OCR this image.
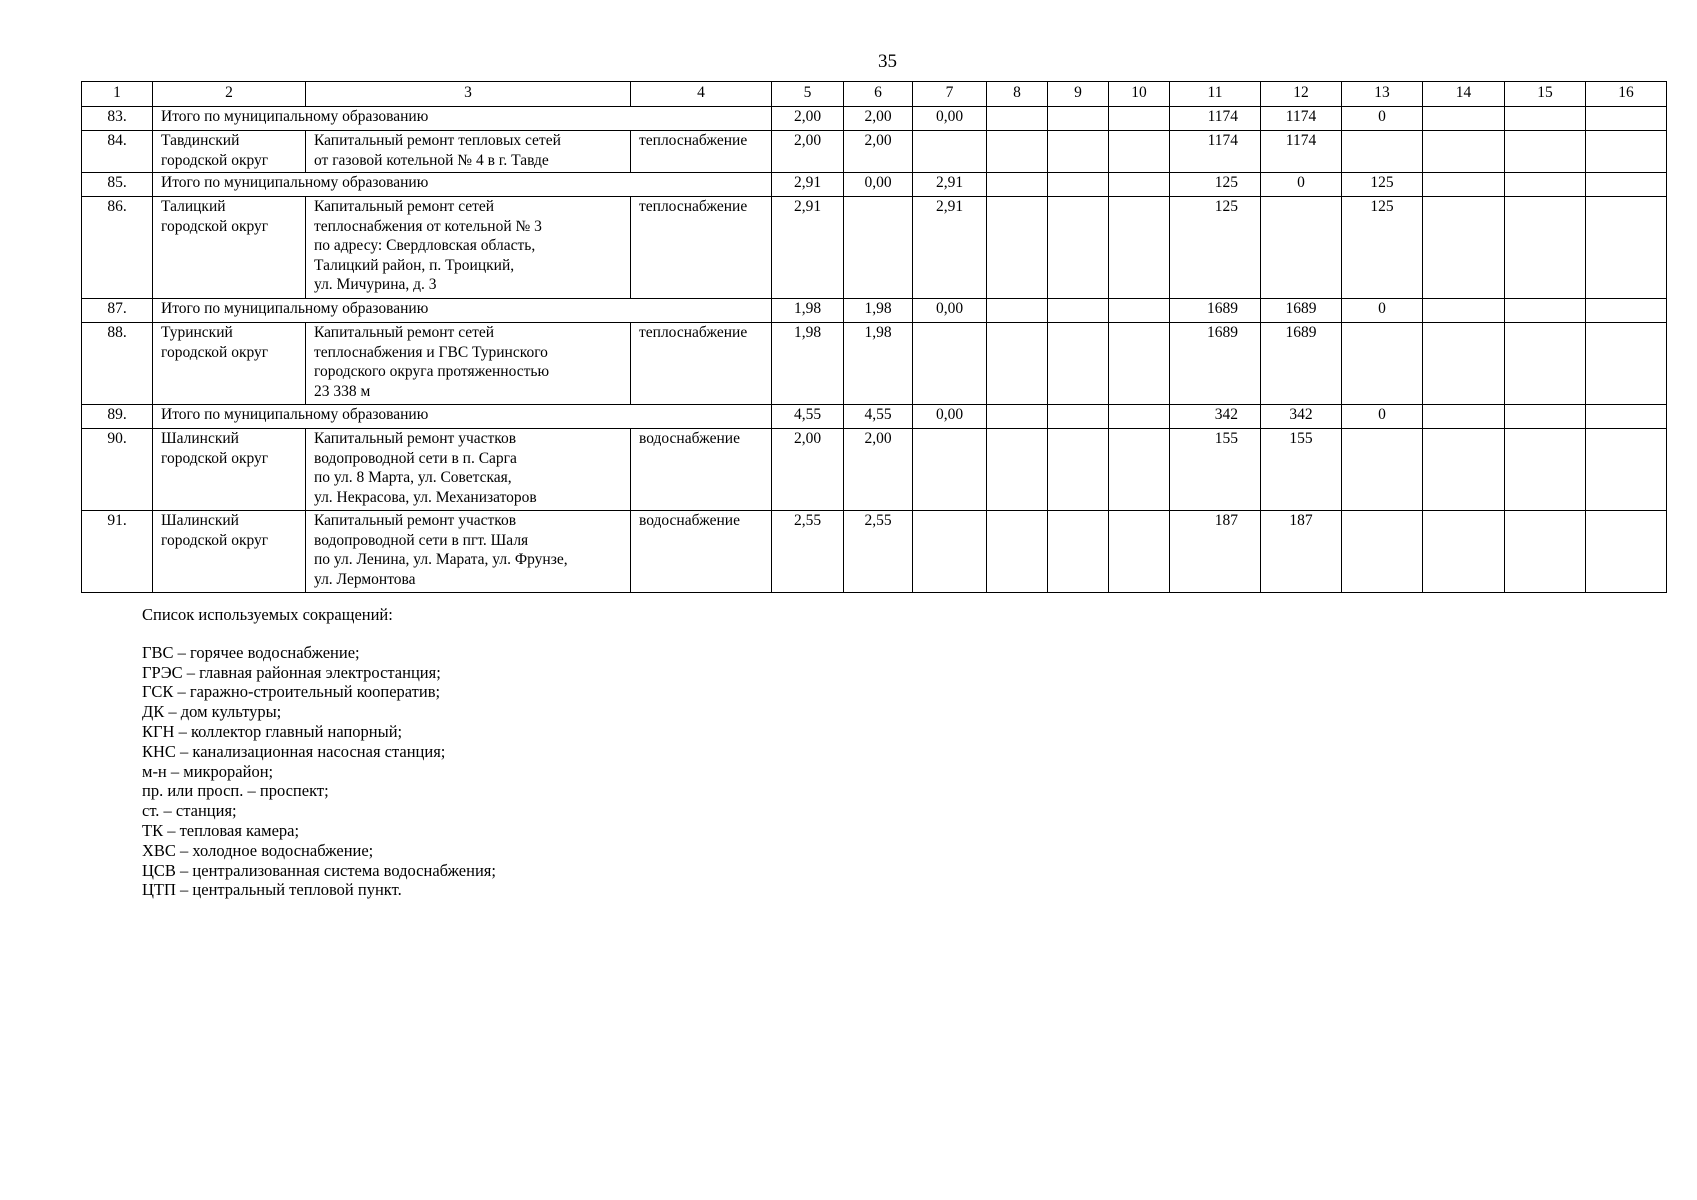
35
1	2	3	4	5	6	7	8	9	10	11	12	13	14	15	16
83.	Итого по муниципальному образованию			2,00	2,00	0,00				1174	1174	0			
84.	Тавдинский
городской округ	Капитальный ремонт тепловых сетей
от газовой котельной № 4 в г. Тавде	теплоснабжение	2,00	2,00					1174	1174				
85.	Итого по муниципальному образованию			2,91	0,00	2,91				125	0	125			
86.	Талицкий
городской округ	Капитальный ремонт сетей
теплоснабжения от котельной № 3
по адресу: Свердловская область,
Талицкий район, п. Троицкий,
ул. Мичурина, д. 3	теплоснабжение	2,91		2,91				125		125			
87.	Итого по муниципальному образованию			1,98	1,98	0,00				1689	1689	0			
88.	Туринский
городской округ	Капитальный ремонт сетей
теплоснабжения и ГВС Туринского
городского округа протяженностью
23 338 м	теплоснабжение	1,98	1,98					1689	1689				
89.	Итого по муниципальному образованию			4,55	4,55	0,00				342	342	0			
90.	Шалинский
городской округ	Капитальный ремонт участков
водопроводной сети в п. Сарга
по ул. 8 Марта, ул. Советская,
ул. Некрасова, ул. Механизаторов	водоснабжение	2,00	2,00					155	155				
91.	Шалинский
городской округ	Капитальный ремонт участков
водопроводной сети в пгт. Шаля
по ул. Ленина, ул. Марата, ул. Фрунзе,
ул. Лермонтова	водоснабжение	2,55	2,55					187	187				

Список используемых сокращений:

ГВС – горячее водоснабжение;
ГРЭС – главная районная электростанция;
ГСК – гаражно-строительный кооператив;
ДК – дом культуры;
КГН – коллектор главный напорный;
КНС – канализационная насосная станция;
м-н – микрорайон;
пр. или просп. – проспект;
ст. – станция;
ТК – тепловая камера;
ХВС – холодное водоснабжение;
ЦСВ – централизованная система водоснабжения;
ЦТП – центральный тепловой пункт.
